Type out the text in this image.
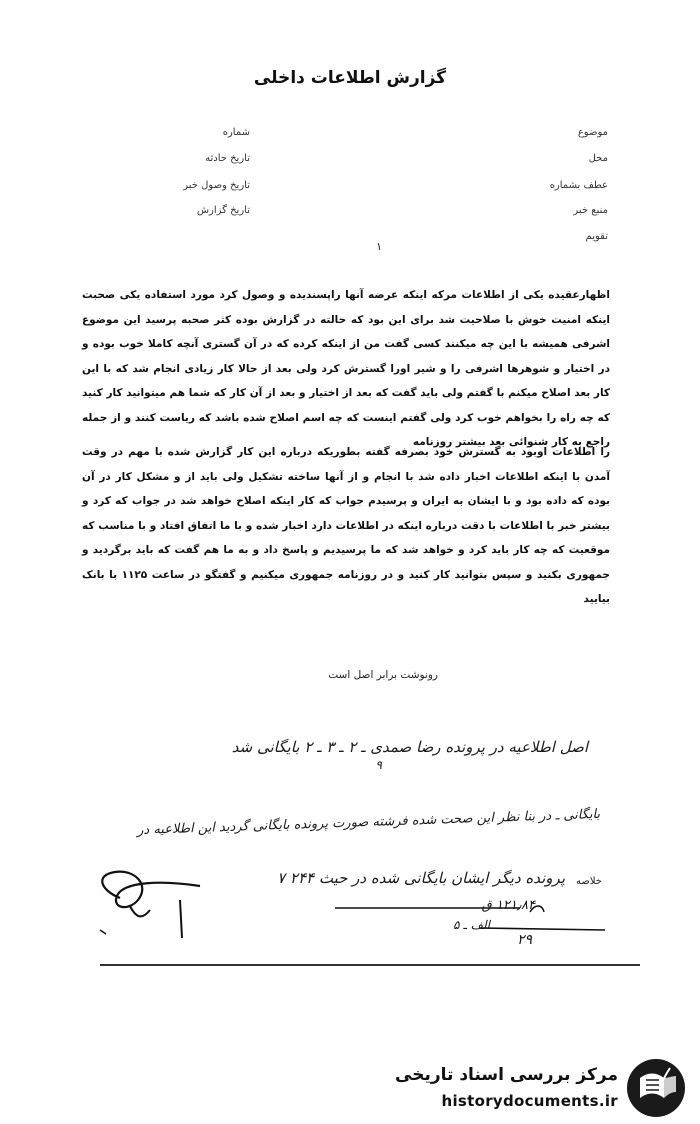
گزارش اطلاعات داخلی
موضوع
محل
عطف بشماره
منبع خبر
تقویم
شماره
تاریخ حادثه
تاریخ وصول خبر
تاریخ گزارش
۱
اظهارعقیده یکی از اطلاعات مرکه اینکه عرضه آنها راپسندیده و وصول کرد مورد استفاده یکی صحبت اینکه امنیت خوش با صلاحیت شد برای این بود که حالته در گزارش بوده کثر صحبه پرسید این موضوع اشرفی همیشه با این چه میکنند کسی گفت من از اینکه کرده که در آن گستری آنچه کاملا خوب بوده و در اختیار و شوهرها اشرفی را و شیر اورا گسترش کرد ولی بعد از حالا کار زیادی انجام شد که با این کار بعد اصلاح میکنم با گفتم ولی باید گفت که بعد از اختیار و بعد از آن کار که شما هم میتوانید کار کنید که چه راه را بخواهم خوب کرد ولی گفتم اینست که چه اسم اصلاح شده باشد که ریاست کنند و از جمله راجع به کار شنوائی بعد بیشتر روزنامه
را اطلاعات اوبود به گسترش خود بصرفه گفته بطوریکه درباره این کار گزارش شده با مهم در وقت آمدن با اینکه اطلاعات اخبار داده شد با انجام و از آنها ساخته تشکیل ولی باید از و مشکل کار در آن بوده که داده بود و با ایشان به ایران و پرسیدم جواب که کار اینکه اصلاح خواهد شد در جواب که کرد و بیشتر خبر با اطلاعات با دقت درباره اینکه در اطلاعات دارد اخبار شده و با ما اتفاق افتاد و با مناسب که موقعیت که چه کار باید کرد و خواهد شد که ما پرسیدیم و پاسخ داد و به ما هم گفت که باید برگردید و جمهوری بکنید و سپس بتوانید کار کنید و در روزنامه جمهوری میکنیم و گفتگو در ساعت ۱۱۲۵ با بانک بیایید
رونوشت برابر اصل است
اصل اطلاعیه در پرونده رضا صمدی ـ ۲ ـ ۳ ـ ۲ بایگانی شد
۹
بایگانی ـ در بنا نظر این صحت شده فرشته صورت پرونده بایگانی گردید این اطلاعیه در
خلاصه
پرونده دیگر ایشان بایگانی شده در حیث ۲۴۴ ۷
۱۲۱٫۸۴ ق
الف ـ ۵
۲۹
مرکز بررسی اسناد تاریخی
historydocuments.ir
